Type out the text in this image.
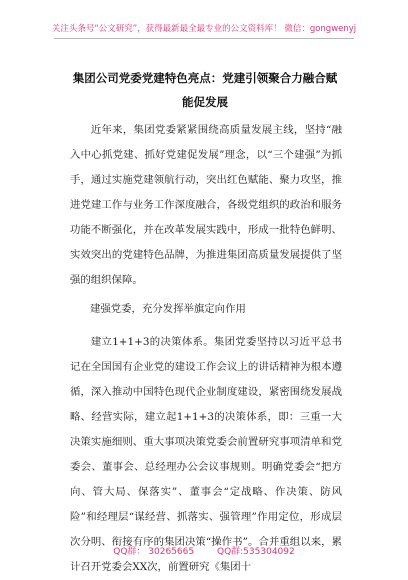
关注头条号“公文研究”，获得最新最全最专业的公文资料库！ 微信：gongwenyj
集团公司党委党建特色亮点：党建引领聚合力融合赋能促发展

近年来，集团党委紧紧围绕高质量发展主线，坚持“融入中心抓党建、抓好党建促发展”理念，以“三个建强”为抓手，通过实施党建领航行动，突出红色赋能、聚力攻坚，推进党建工作与业务工作深度融合，各级党组织的政治和服务功能不断强化，并在改革发展实践中，形成一批特色鲜明、实效突出的党建特色品牌，为推进集团高质量发展提供了坚强的组织保障。

建强党委，充分发挥举旗定向作用

建立1+1+3的决策体系。集团党委坚持以习近平总书记在全国国有企业党的建设工作会议上的讲话精神为根本遵循，深入推动中国特色现代企业制度建设，紧密围绕发展战略、经营实际，建立起1+1+3的决策体系，即：三重一大决策实施细则、重大事项决策党委会前置研究事项清单和党委会、董事会、总经理办公会议事规则。明确党委会“把方向、管大局、保落实”、董事会“定战略、作决策、防风险”和经理层“谋经营、抓落实、强管理”作用定位，形成层次分明、衔接有序的集团决策“操作书”。合并重组以来，累计召开党委会XX次，前置研究《集团十

QQ群： 30265665	QQ群:535304092
